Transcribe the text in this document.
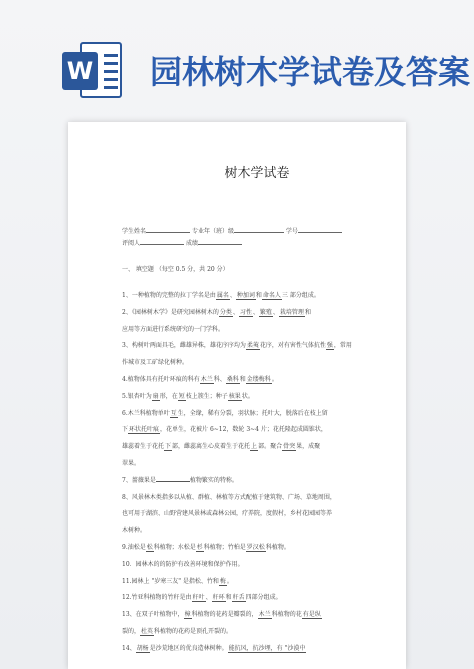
W 园林树木学试卷及答案
树木学试卷
学生姓名	专业年（班）级	学号
评阅人	成绩
一、 填空题 （每空 0.5 分，共 20 分）
1、一种植物的完整的拉丁学名是由属名、种加词和命名人三 部分组成。
2、《园林树木学》是研究园林树木的分类、习性、繁殖、栽培管理和
应用等方面进行系统研究的一门学科。
3、构树叶两面具毛，雌雄异株，雄花序序均为柔荑花序，对有害性气体抗性强，常用
作城市及工矿绿化树种。
4.植物体具有托叶环痕的科有木兰科、桑科和金缕梅科。
5.银杏叶为扇形，在短枝上簇生；种子核果状。
6.木兰科植物单叶互生，全缘，稀有分裂，羽状脉；托叶大，脱落后在枝上留
下环状托叶痕，花单生，花被片 6~12，数轮 3~4 片；花托隆起成圆锥状，
雄蕊着生于花托下部，雌蕊离生心皮着生于花托上部。聚合骨突果，成聚
翠果。
7、蔷薇果是	植物繁实的特称。
8、风景林木类指多以从植、群植、林植等方式配植于建筑物、广场、草地周围，
也可用于湖滨、山野营建风景林或森林公园，疗养院，度假村，乡村花园园等养
木树种。
9.油松是松科植物；水松是杉科植物；竹柏是罗汉松科植物。
10．园林木的的防护有改善环境和保护作用。
11.园林上 "岁寒三友" 是指松、竹和梅。
12.竹亚科植物的竹秆是由秆叶、秆环和秆舌四部分组成。
13、在双子叶植物中，樟科植物的花药是瓣裂的，木兰科植物的花有是纵
裂的，杜英科植物的花药是顶孔开裂的。
14、胡杨是沙荒地区的优良造林树种。能抗风，抗沙埋，有 "沙漠中
